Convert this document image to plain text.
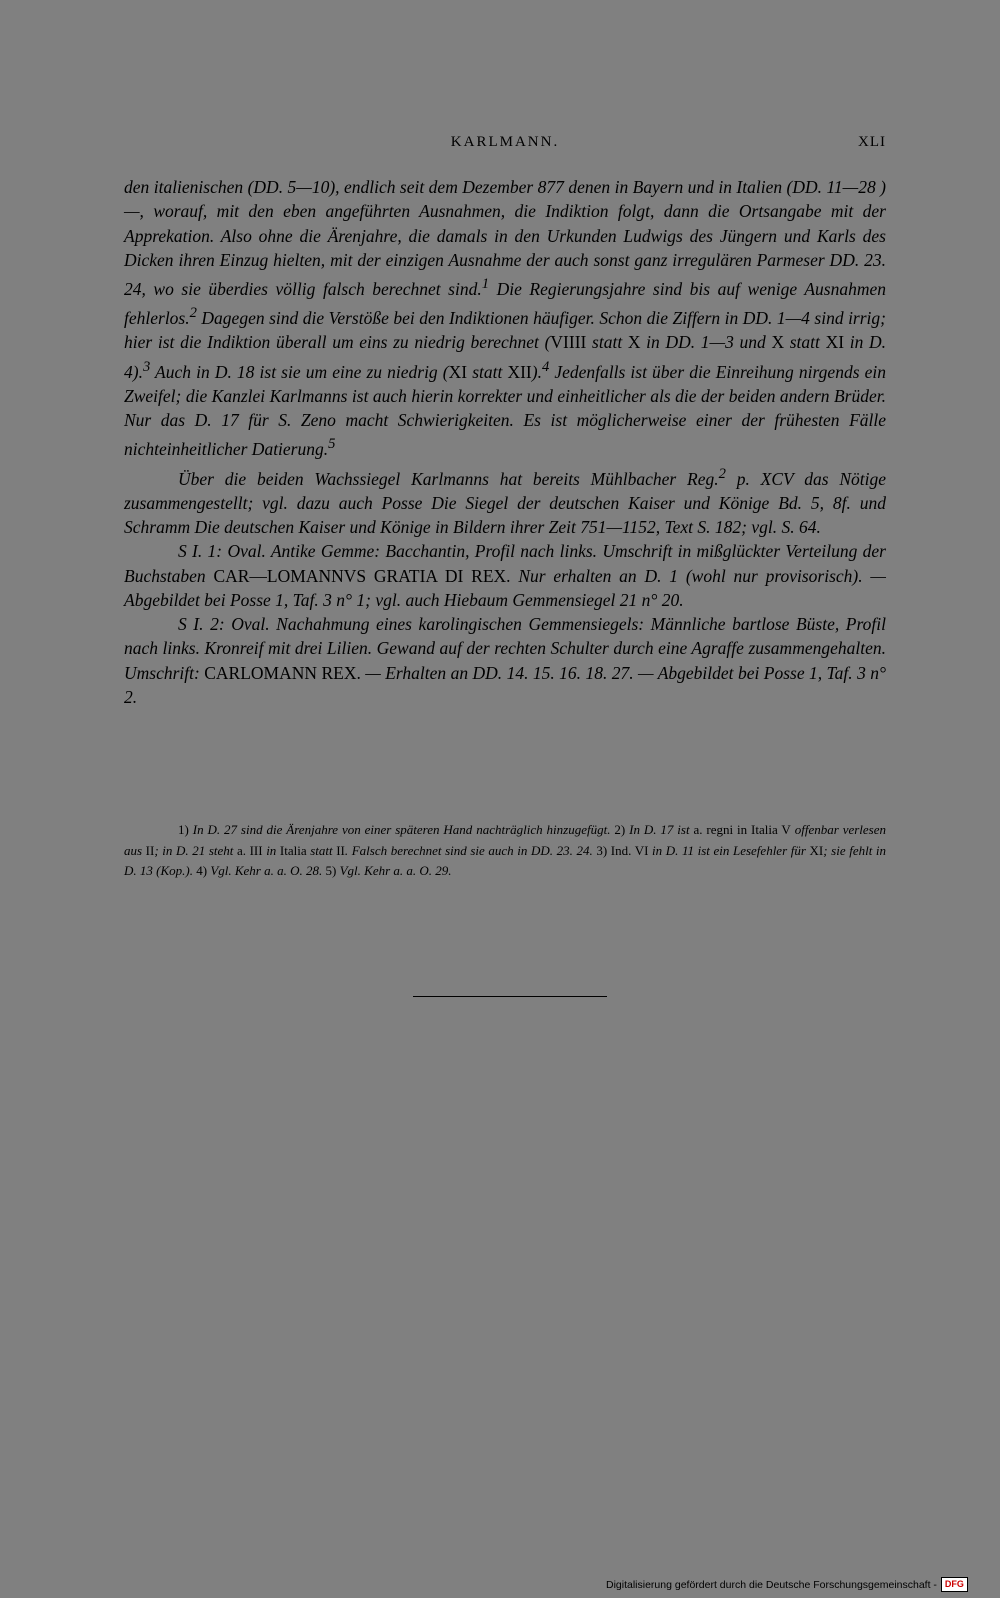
KARLMANN.	XLI

den italienischen (DD. 5—10), endlich seit dem Dezember 877 denen in Bayern und in Italien (DD. 11—28 )—, worauf, mit den eben angeführten Ausnahmen, die Indiktion folgt, dann die Ortsangabe mit der Apprekation. Also ohne die Ärenjahre, die damals in den Urkunden Ludwigs des Jüngern und Karls des Dicken ihren Einzug hielten, mit der einzigen Ausnahme der auch sonst ganz irregulären Parmeser DD. 23. 24, wo sie überdies völlig falsch berechnet sind.$^1$ Die Regierungsjahre sind bis auf wenige Ausnahmen fehlerlos.$^2$ Dagegen sind die Verstöße bei den Indiktionen häufiger. Schon die Ziffern in DD. 1—4 sind irrig; hier ist die Indiktion überall um eins zu niedrig berechnet (VIIII statt X in DD. 1—3 und X statt XI in D. 4).$^3$ Auch in D. 18 ist sie um eine zu niedrig (XI statt XII).$^4$ Jedenfalls ist über die Einreihung nirgends ein Zweifel; die Kanzlei Karlmanns ist auch hierin korrekter und einheitlicher als die der beiden andern Brüder. Nur das D. 17 für S. Zeno macht Schwierigkeiten. Es ist möglicherweise einer der frühesten Fälle nichteinheitlicher Datierung.$^5$

Über die beiden Wachssiegel Karlmanns hat bereits Mühlbacher Reg.$^2$ p. XCV das Nötige zusammengestellt; vgl. dazu auch Posse Die Siegel der deutschen Kaiser und Könige Bd. 5, 8f. und Schramm Die deutschen Kaiser und Könige in Bildern ihrer Zeit 751—1152, Text S. 182; vgl. S. 64.

S I. 1: Oval. Antike Gemme: Bacchantin, Profil nach links. Umschrift in mißglückter Verteilung der Buchstaben CAR—LOMANNVS GRATIA DI REX. Nur erhalten an D. 1 (wohl nur provisorisch). — Abgebildet bei Posse 1, Taf. 3 n° 1; vgl. auch Hiebaum Gemmensiegel 21 n° 20.

S I. 2: Oval. Nachahmung eines karolingischen Gemmensiegels: Männliche bartlose Büste, Profil nach links. Kronreif mit drei Lilien. Gewand auf der rechten Schulter durch eine Agraffe zusammengehalten. Umschrift: CARLOMANN REX. — Erhalten an DD. 14. 15. 16. 18. 27. — Abgebildet bei Posse 1, Taf. 3 n° 2.

1) In D. 27 sind die Ärenjahre von einer späteren Hand nachträglich hinzugefügt. 2) In D. 17 ist a. regni in Italia V offenbar verlesen aus II; in D. 21 steht a. III in Italia statt II. Falsch berechnet sind sie auch in DD. 23. 24. 3) Ind. VI in D. 11 ist ein Lesefehler für XI; sie fehlt in D. 13 (Kop.). 4) Vgl. Kehr a. a. O. 28. 5) Vgl. Kehr a. a. O. 29.

Digitalisierung gefördert durch die Deutsche Forschungsgemeinschaft - DFG
